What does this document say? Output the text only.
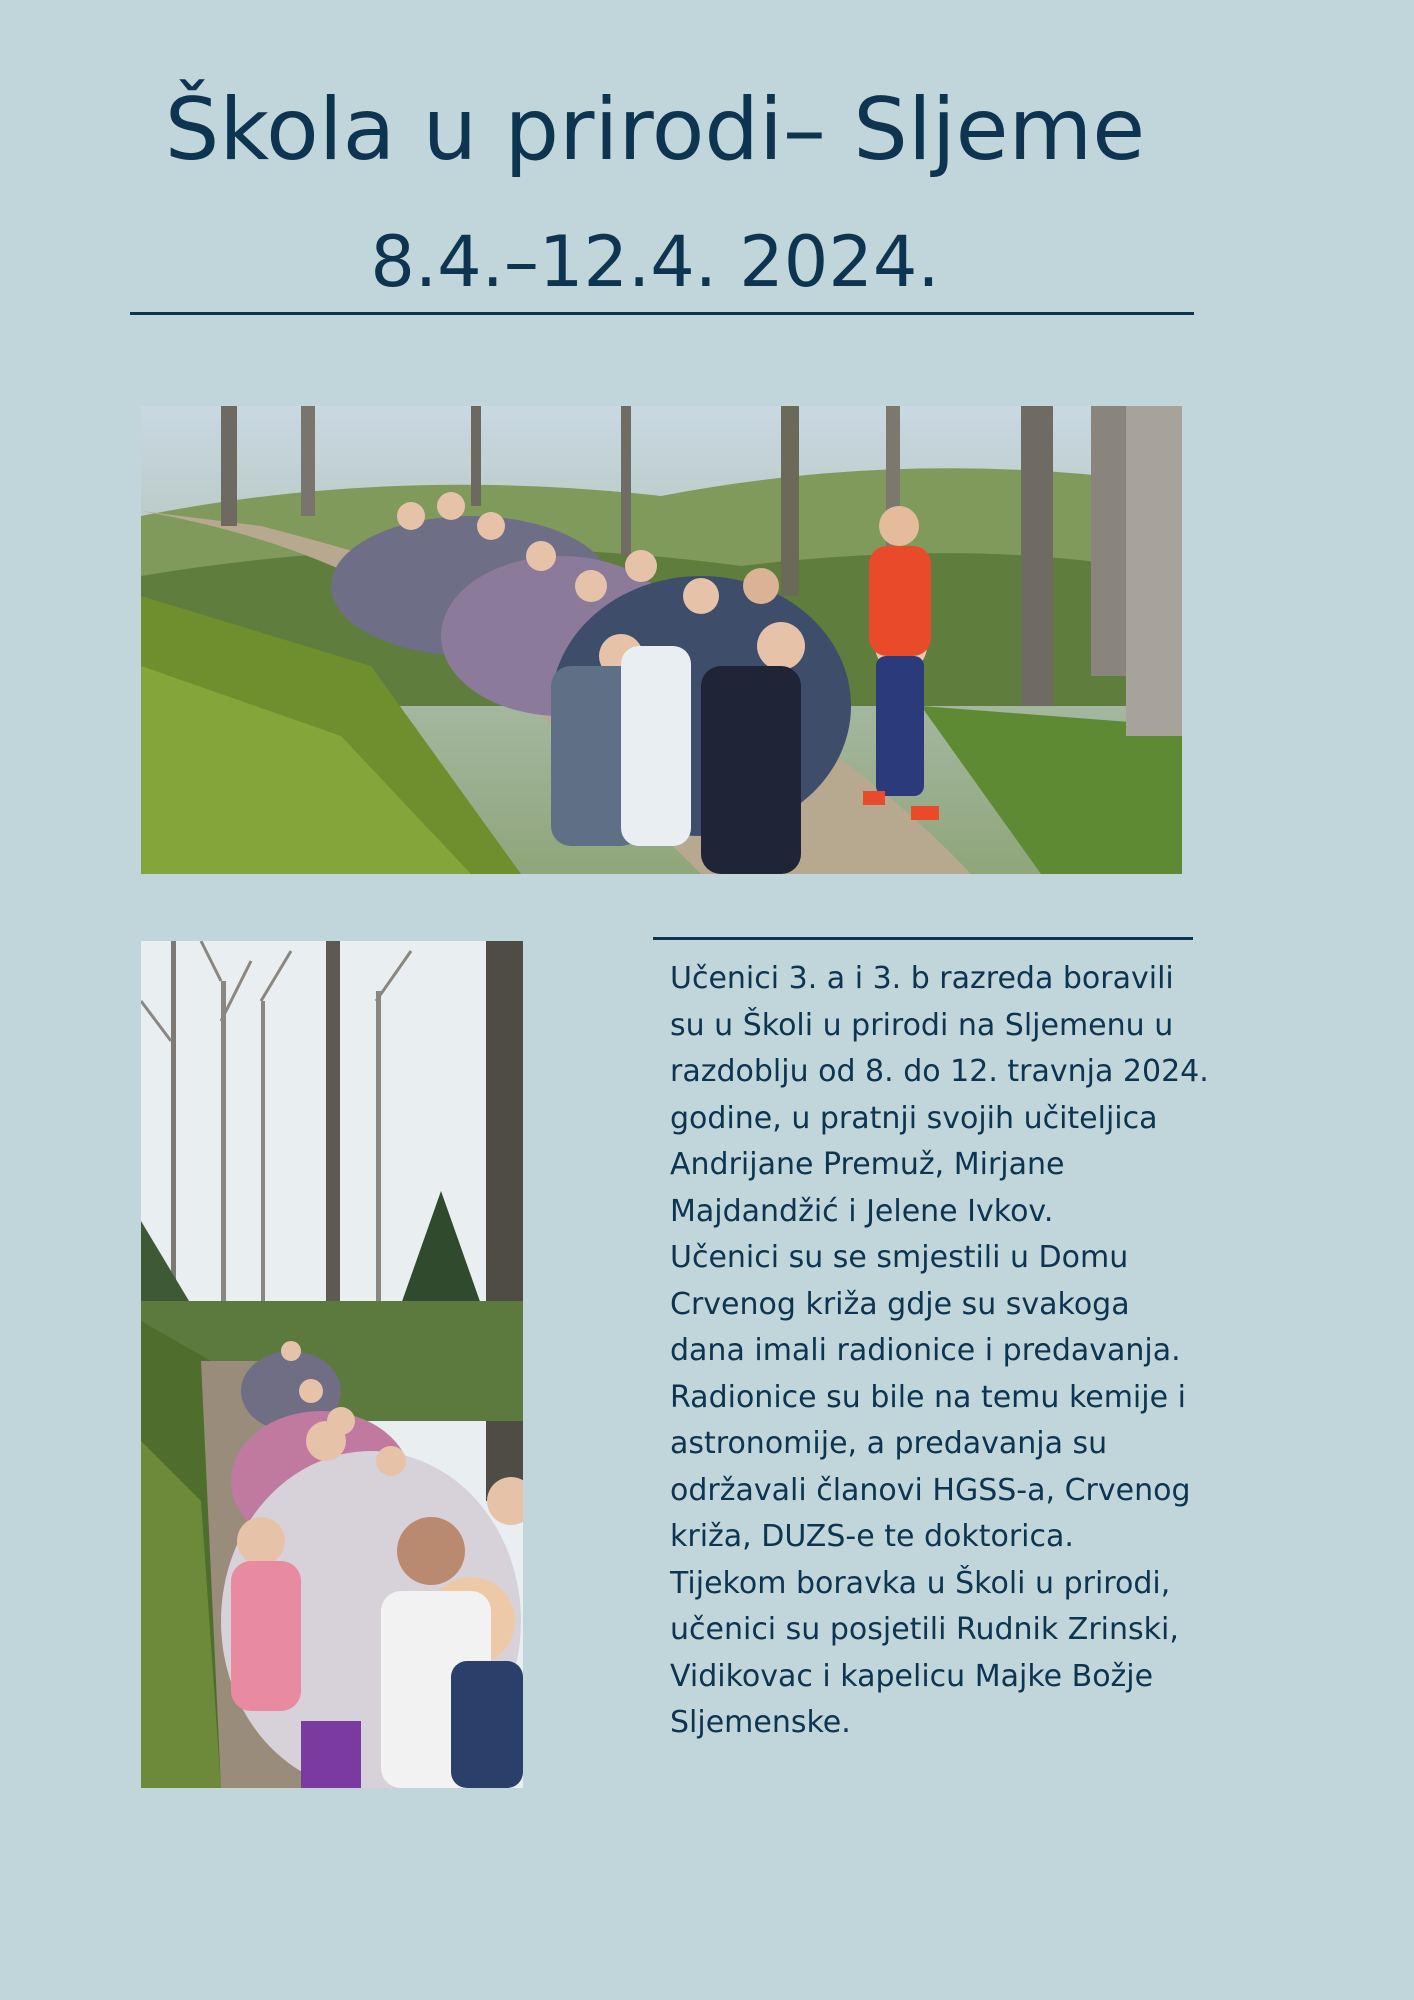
Škola u prirodi– Sljeme
8.4.–12.4. 2024.
Učenici 3. a i 3. b razreda boravili
su u Školi u prirodi na Sljemenu u
razdoblju od 8. do 12. travnja 2024.
godine, u pratnji svojih učiteljica
Andrijane Premuž, Mirjane
Majdandžić i Jelene Ivkov.
Učenici su se smjestili u Domu
Crvenog križa gdje su svakoga
dana imali radionice i predavanja.
Radionice su bile na temu kemije i
astronomije, a predavanja su
održavali članovi HGSS-a, Crvenog
križa, DUZS-e te doktorica.
Tijekom boravka u Školi u prirodi,
učenici su posjetili Rudnik Zrinski,
Vidikovac i kapelicu Majke Božje
Sljemenske.
